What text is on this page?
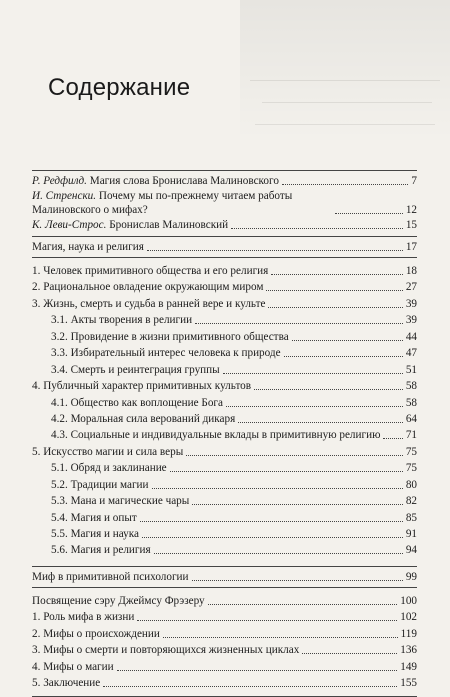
Содержание
Р. Редфилд. Магия слова Бронислава Малиновского	7
И. Стренски. Почему мы по-прежнему читаем работы Малиновского о мифах?	12
К. Леви-Строс. Бронислав Малиновский	15
Магия, наука и религия	17
1. Человек примитивного общества и его религия	18
2. Рациональное овладение окружающим миром	27
3. Жизнь, смерть и судьба в ранней вере и культе	39
3.1. Акты творения в религии	39
3.2. Провидение в жизни примитивного общества	44
3.3. Избирательный интерес человека к природе	47
3.4. Смерть и реинтеграция группы	51
4. Публичный характер примитивных культов	58
4.1. Общество как воплощение Бога	58
4.2. Моральная сила верований дикаря	64
4.3. Социальные и индивидуальные вклады в примитивную религию 71
5. Искусство магии и сила веры	75
5.1. Обряд и заклинание	75
5.2. Традиции магии	80
5.3. Мана и магические чары	82
5.4. Магия и опыт	85
5.5. Магия и наука	91
5.6. Магия и религия	94
Миф в примитивной психологии	99
Посвящение сэру Джеймсу Фрэзеру	100
1. Роль мифа в жизни	102
2. Мифы о происхождении	119
3. Мифы о смерти и повторяющихся жизненных циклах	136
4. Мифы о магии	149
5. Заключение	155
